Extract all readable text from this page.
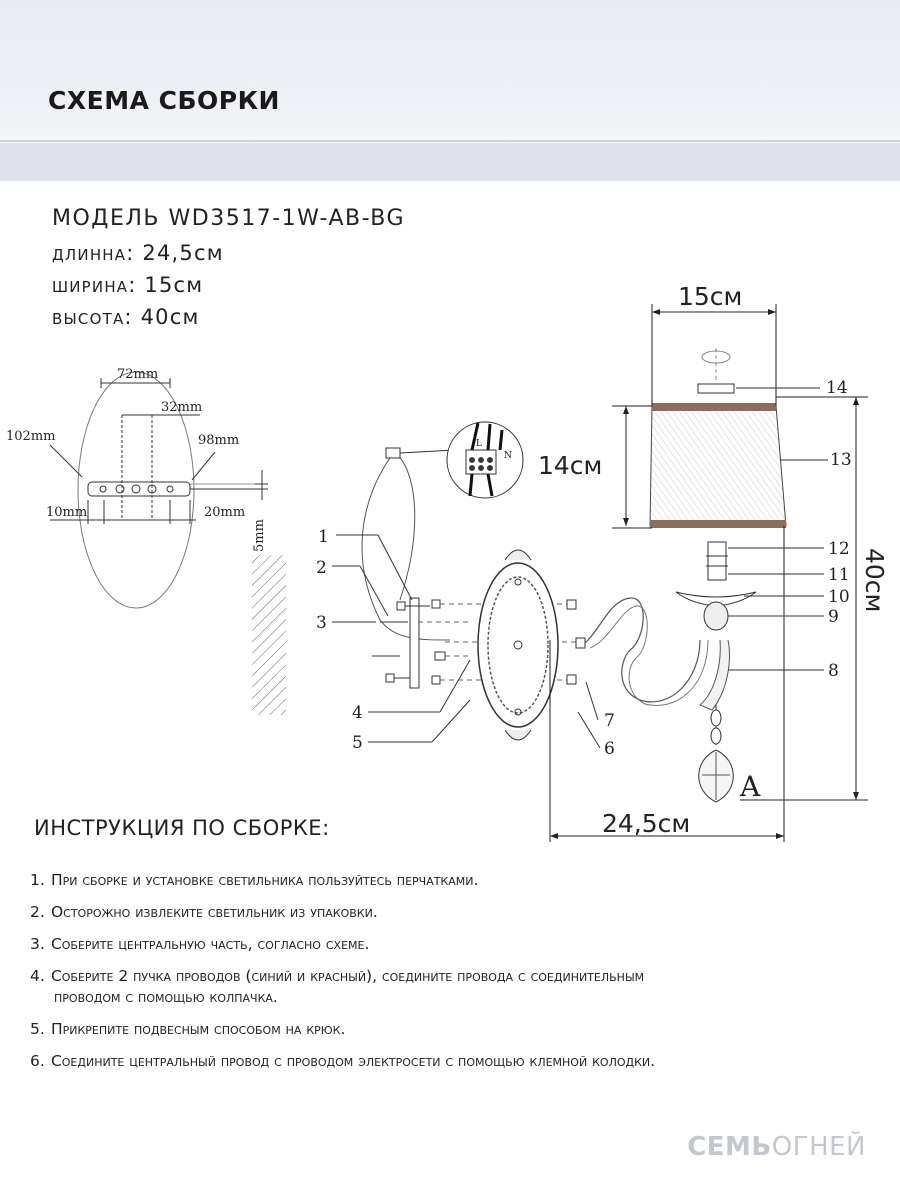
СХЕМА СБОРКИ
МОДЕЛЬ WD3517-1W-AB-BG
длинна: 24,5см
ширина: 15см
высота: 40см
72mm
32mm
102mm	98mm
10mm	20mm
5mm
15см
14см
40см
24,5см
1
2
3
4
5
14
13
12
11
10
9
8
7
6
L
N
A
ИНСТРУКЦИЯ ПО СБОРКЕ:
1. При сборке и установке светильника пользуйтесь перчатками.
2. Осторожно извлеките светильник из упаковки.
3. Соберите центральную часть, согласно схеме.
4. Соберите 2 пучка проводов (синий и красный), соедините провода с соединительным
проводом с помощью колпачка.
5. Прикрепите подвесным способом на крюк.
6. Соедините центральный провод с проводом электросети с помощью клемной колодки.
СЕМЬОГНЕЙ
